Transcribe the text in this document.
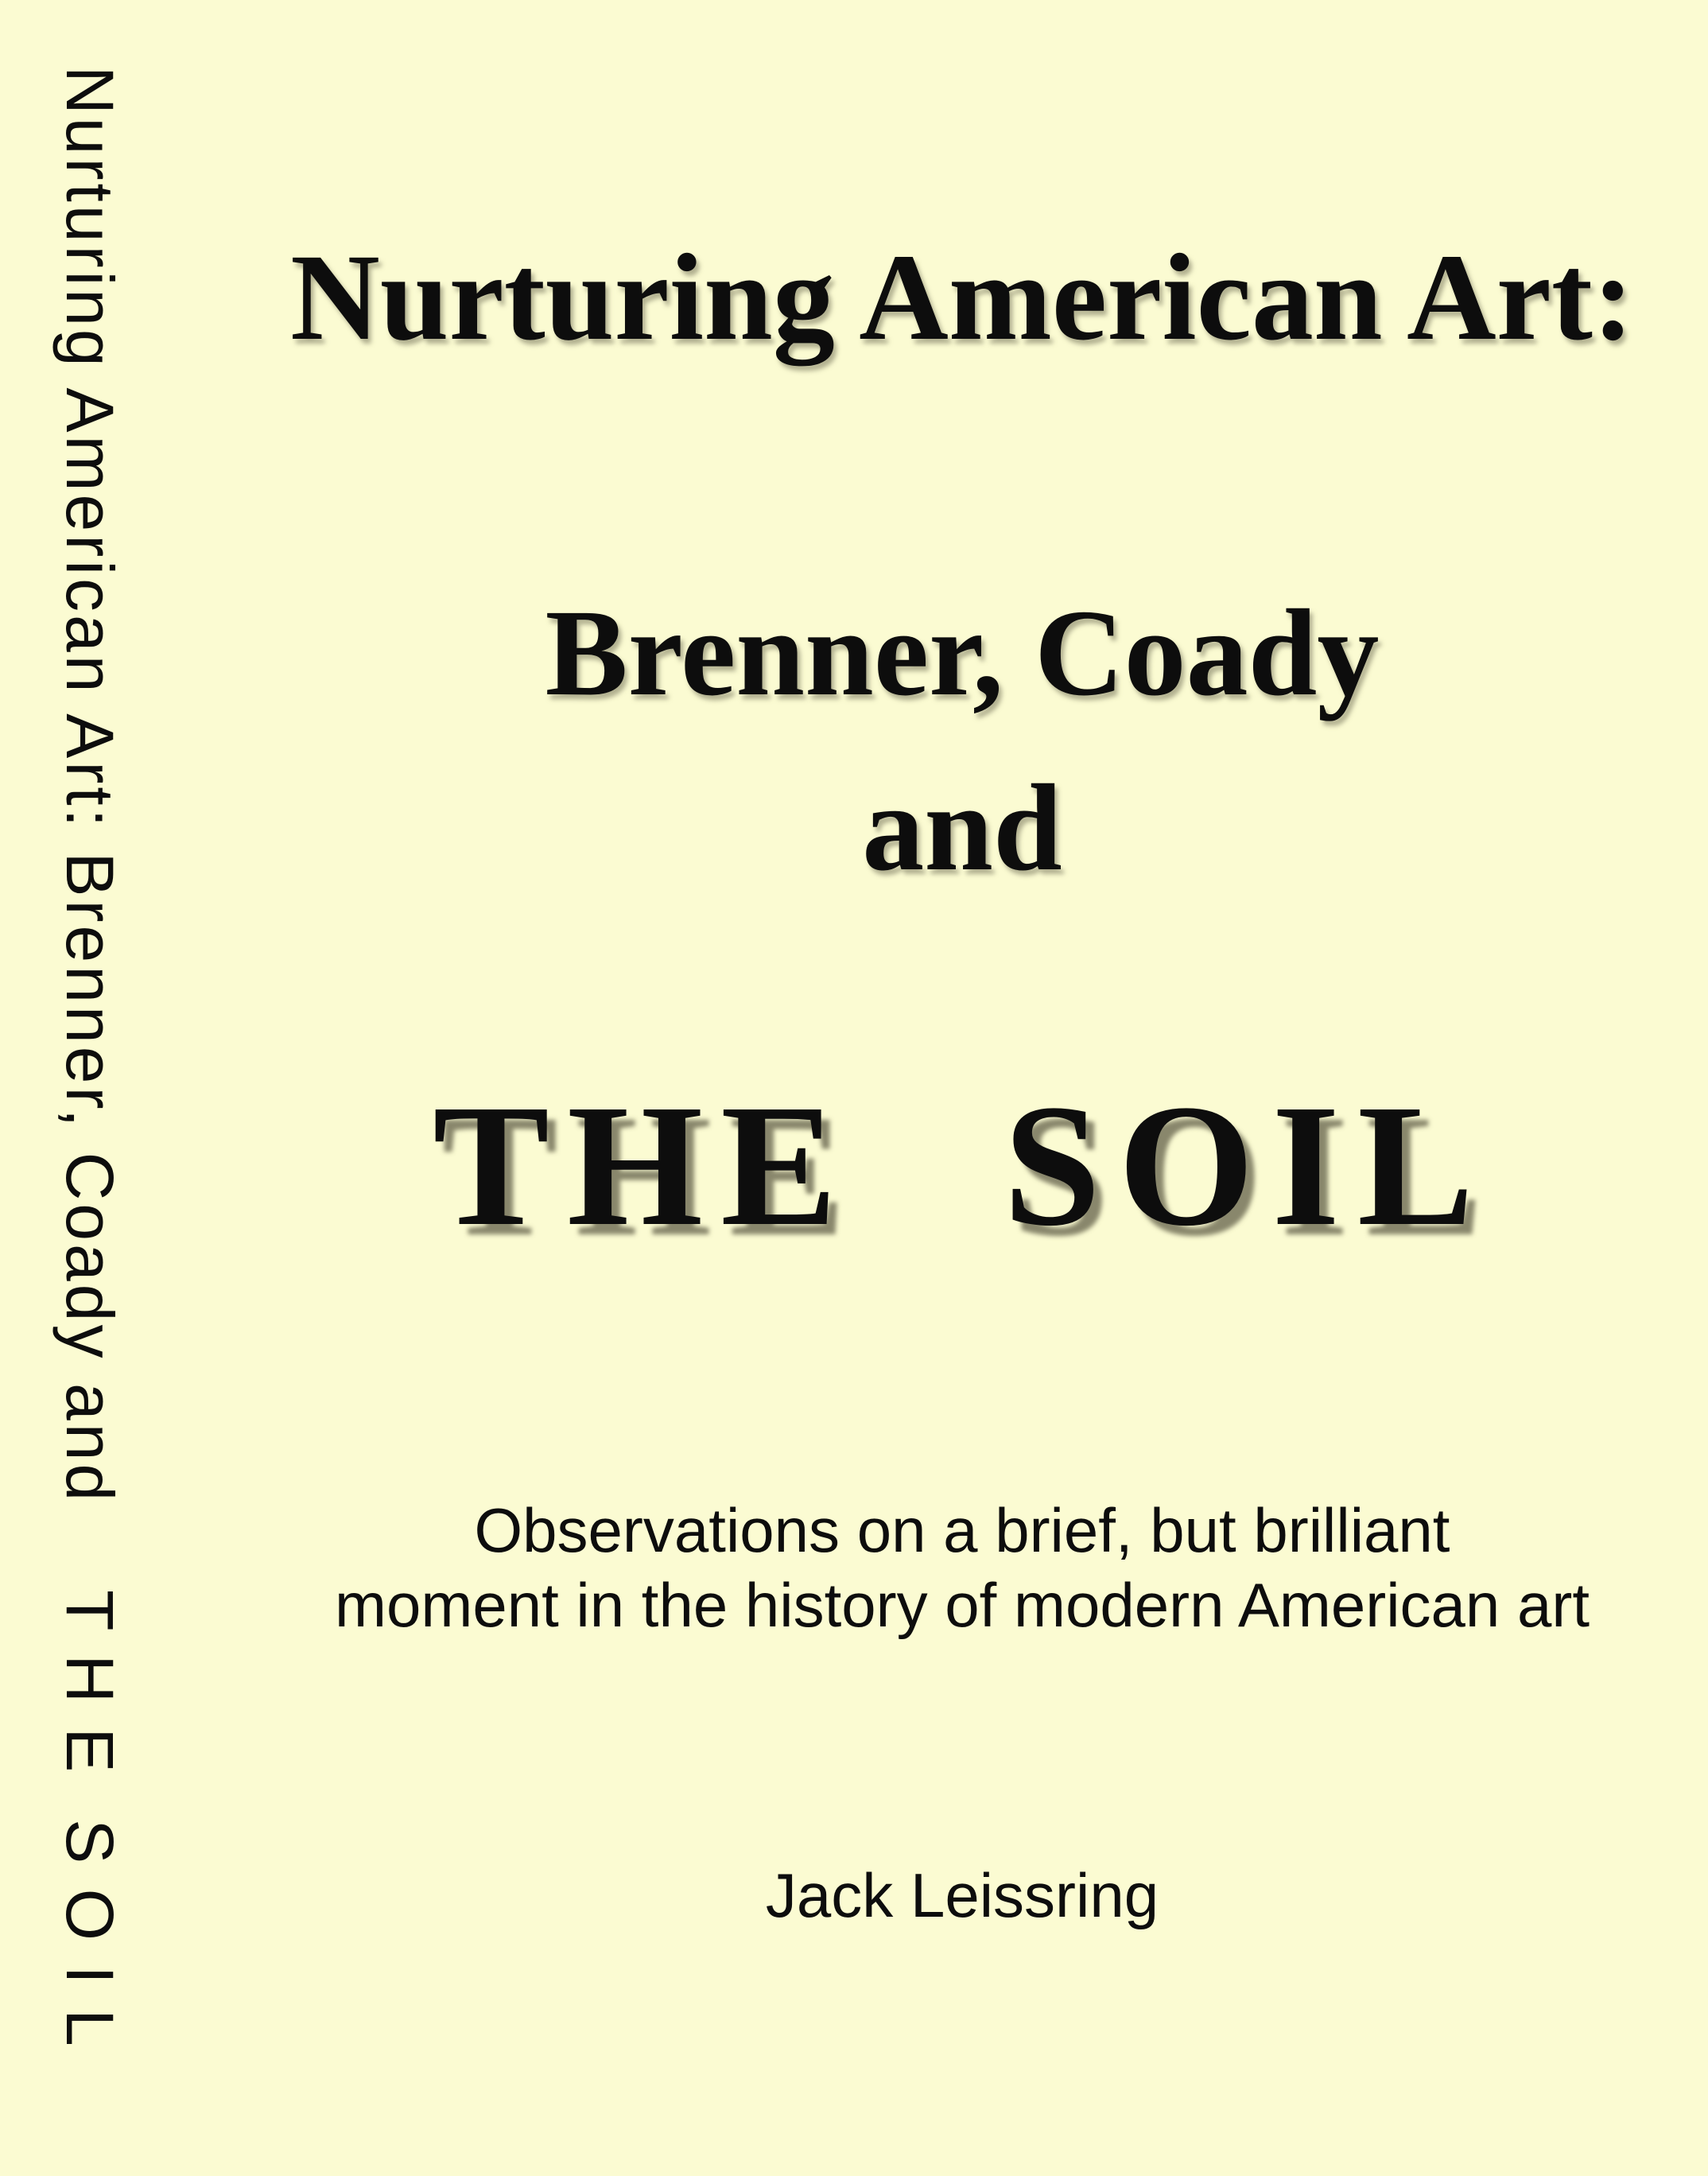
Nurturing American Art: Brenner, Coady and    T H E  S O I L	Nurturing American Art:
Brenner, Coady
and
THE SOIL
Observations on a brief, but brilliant
moment in the history of modern American art
Jack Leissring
